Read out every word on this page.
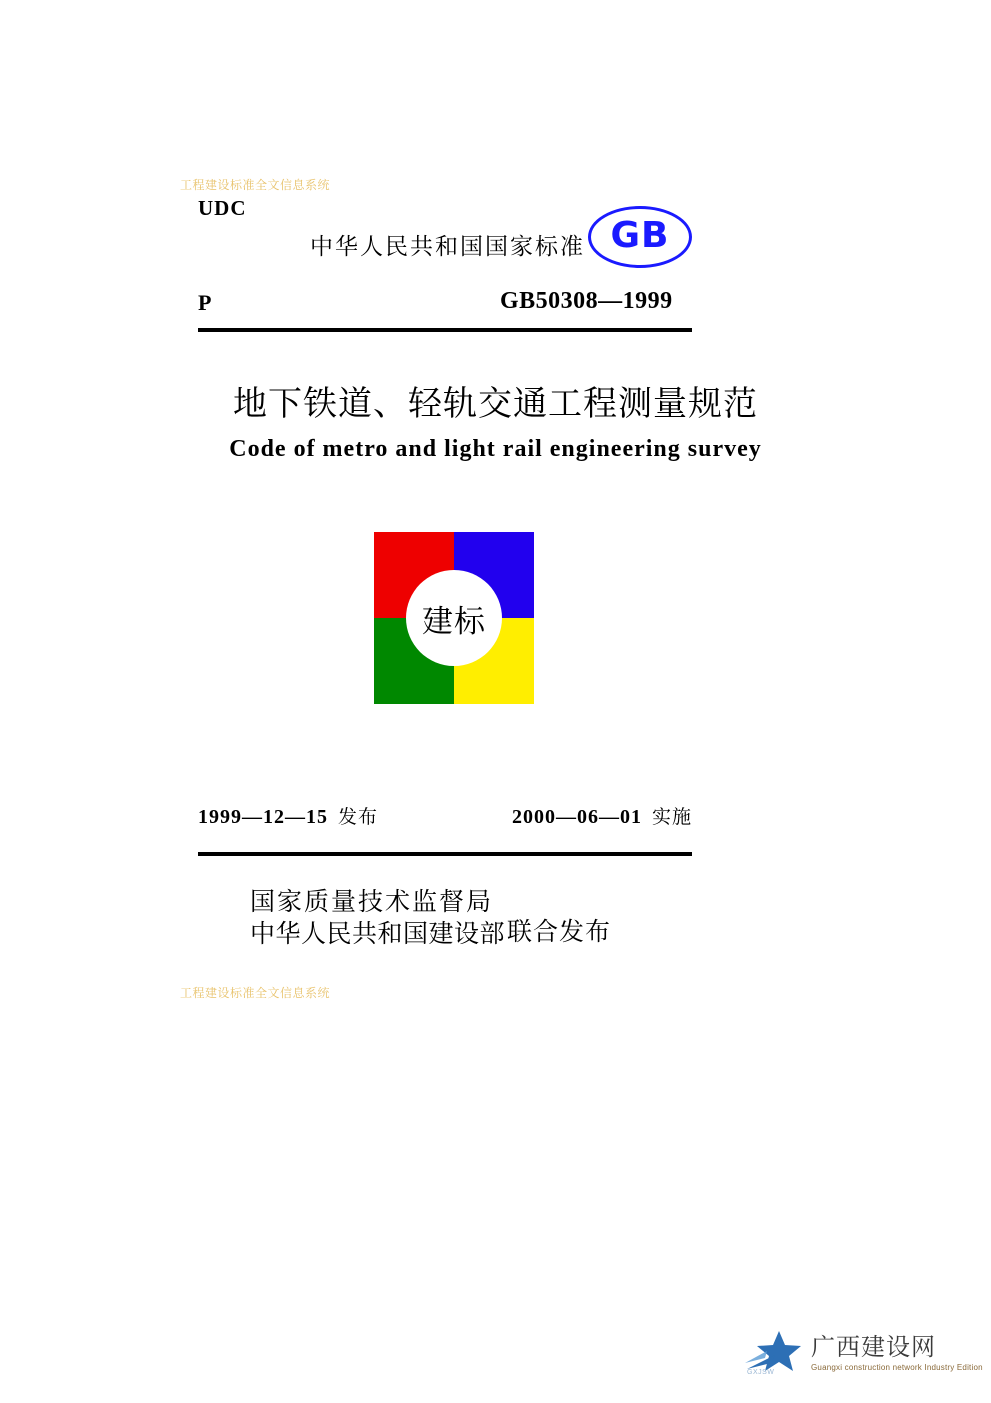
工程建设标准全文信息系统
UDC
中华人民共和国国家标准 GB
P	GB50308—1999
地下铁道、轻轨交通工程测量规范
Code of metro and light rail engineering survey
建标
1999—12—15 发布	2000—06—01 实施
国家质量技术监督局
中华人民共和国建设部 联合发布
工程建设标准全文信息系统
广西建设网
Guangxi construction network Industry Edition
GXJSW
